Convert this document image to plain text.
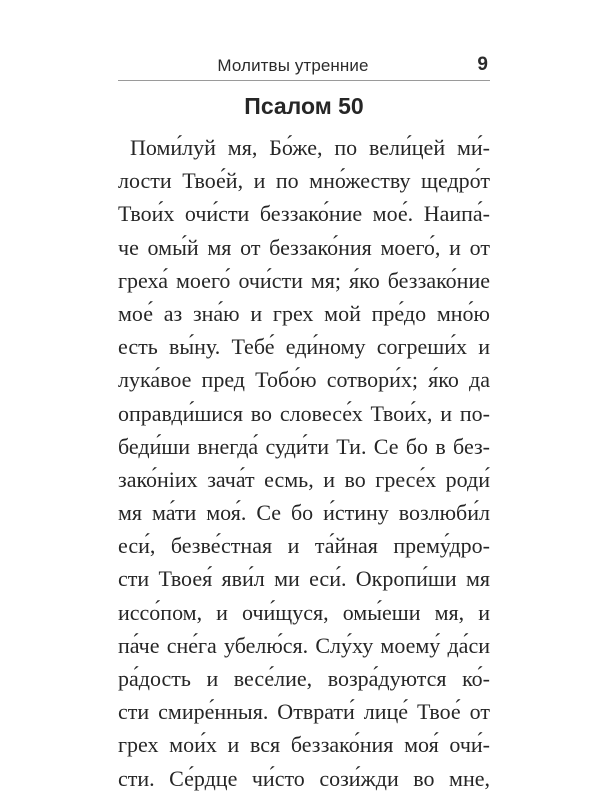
Молитвы утренние	9
Псалом 50
Поми́луй мя, Бо́же, по вели́цей ми́-
лости Твое́й, и по мно́жеству щедро́т
Твои́х очи́сти беззако́ние мое́. Наипа́-
че омы́й мя от беззако́ния моего́, и от
греха́ моего́ очи́сти мя; я́ко беззако́ние
мое́ аз зна́ю и грех мой пре́до мно́ю
есть вы́ну. Тебе́ еди́ному согреши́х и
лука́вое пред Тобо́ю сотвори́х; я́ко да
оправди́шися во словесе́х Твои́х, и по-
беди́ши внегда́ суди́ти Ти. Се бо в без-
зако́нiих зача́т есмь, и во гресе́х роди́
мя ма́ти моя́. Се бо и́стину возлюби́л
еси́, безве́стная и та́йная прему́дро-
сти Твоея́ яви́л ми еси́. Окропи́ши мя
иссо́пом, и очи́щуся, омы́еши мя, и
па́че сне́га убелю́ся. Слу́ху моему́ да́си
ра́дость и весе́лие, возра́дуются ко́-
сти смире́нныя. Отврати́ лице́ Твое́ от
грех мои́х и вся беззако́ния моя́ очи́-
сти. Се́рдце чи́сто сози́жди во мне,
